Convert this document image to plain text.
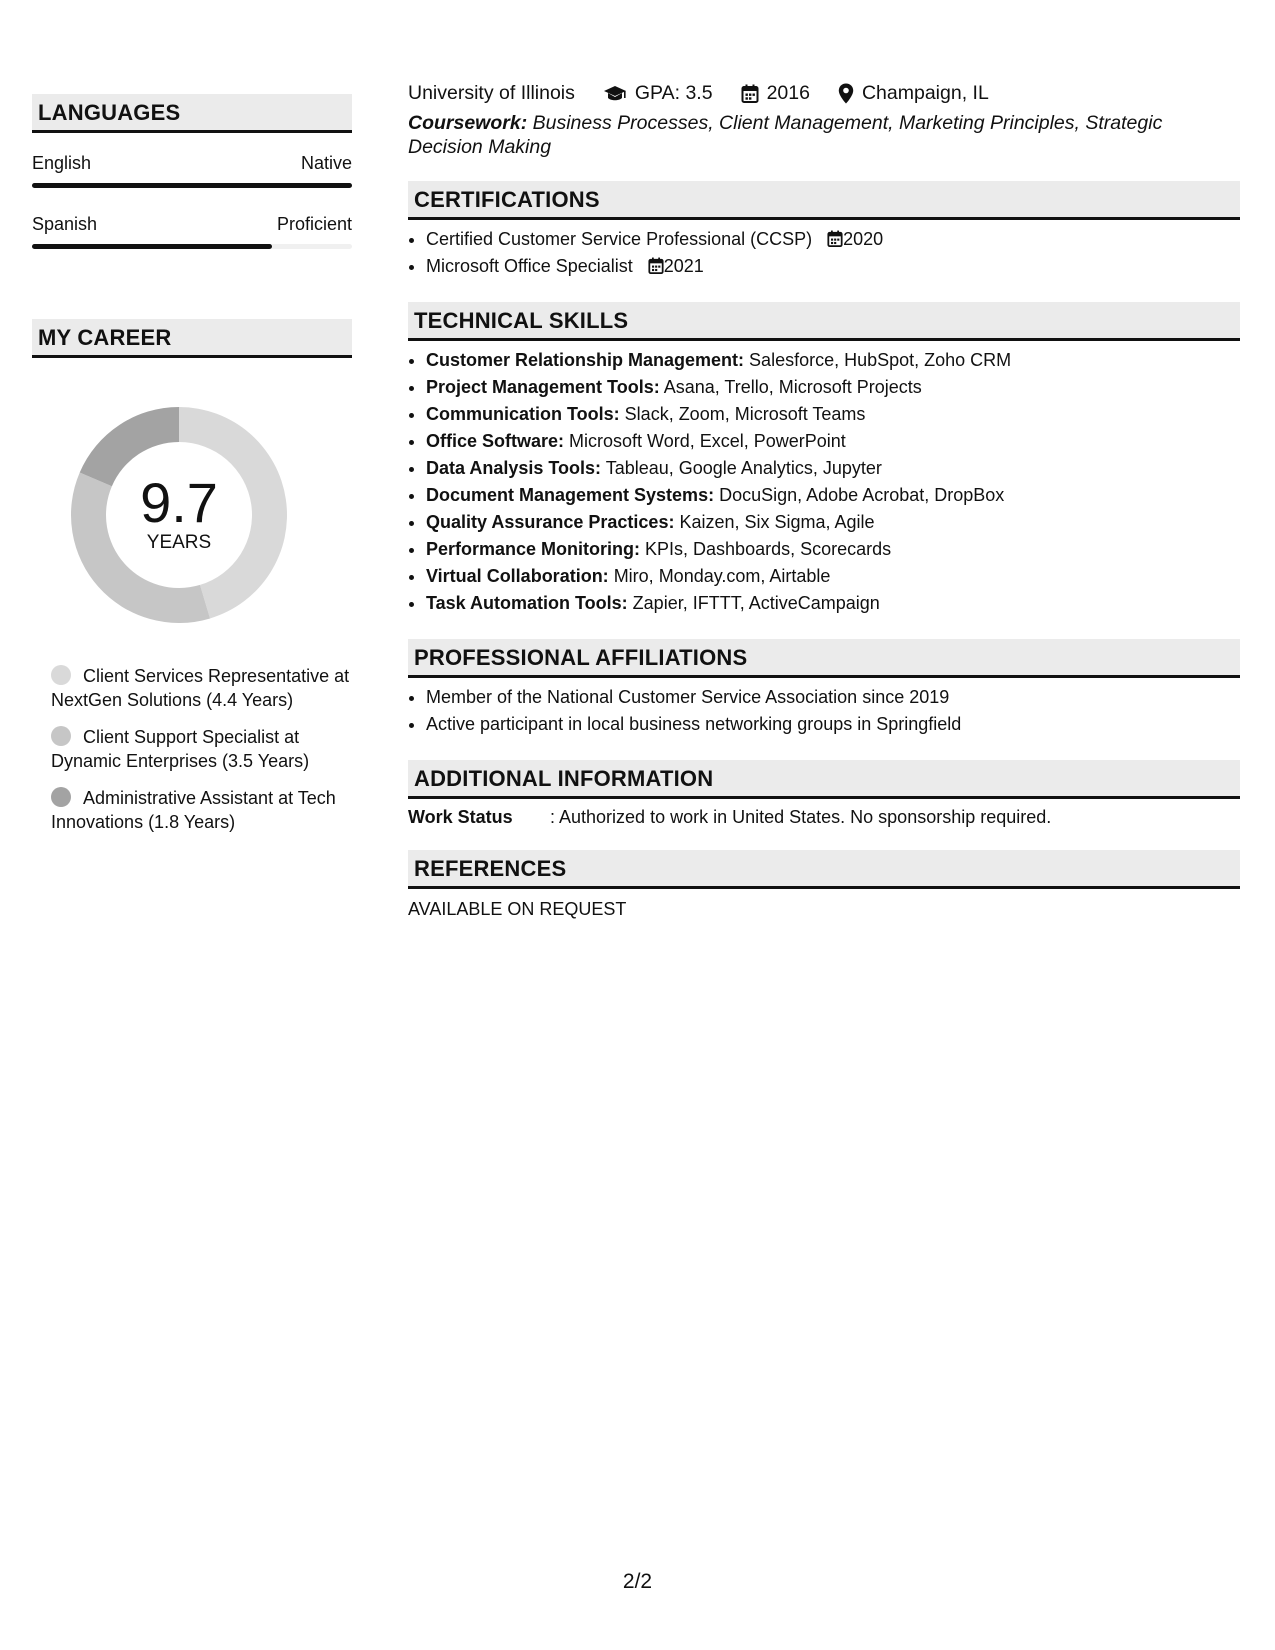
LANGUAGES
English	Native
Spanish	Proficient
MY CAREER
9.7
YEARS
Client Services Representative at NextGen Solutions (4.4 Years)
Client Support Specialist at Dynamic Enterprises (3.5 Years)
Administrative Assistant at Tech Innovations (1.8 Years)
University of Illinois	GPA: 3.5	2016	Champaign, IL
Coursework: Business Processes, Client Management, Marketing Principles, Strategic Decision Making
CERTIFICATIONS
• Certified Customer Service Professional (CCSP) 2020
• Microsoft Office Specialist 2021
TECHNICAL SKILLS
• Customer Relationship Management: Salesforce, HubSpot, Zoho CRM
• Project Management Tools: Asana, Trello, Microsoft Projects
• Communication Tools: Slack, Zoom, Microsoft Teams
• Office Software: Microsoft Word, Excel, PowerPoint
• Data Analysis Tools: Tableau, Google Analytics, Jupyter
• Document Management Systems: DocuSign, Adobe Acrobat, DropBox
• Quality Assurance Practices: Kaizen, Six Sigma, Agile
• Performance Monitoring: KPIs, Dashboards, Scorecards
• Virtual Collaboration: Miro, Monday.com, Airtable
• Task Automation Tools: Zapier, IFTTT, ActiveCampaign
PROFESSIONAL AFFILIATIONS
• Member of the National Customer Service Association since 2019
• Active participant in local business networking groups in Springfield
ADDITIONAL INFORMATION
Work Status	: Authorized to work in United States. No sponsorship required.
REFERENCES
AVAILABLE ON REQUEST
2/2
